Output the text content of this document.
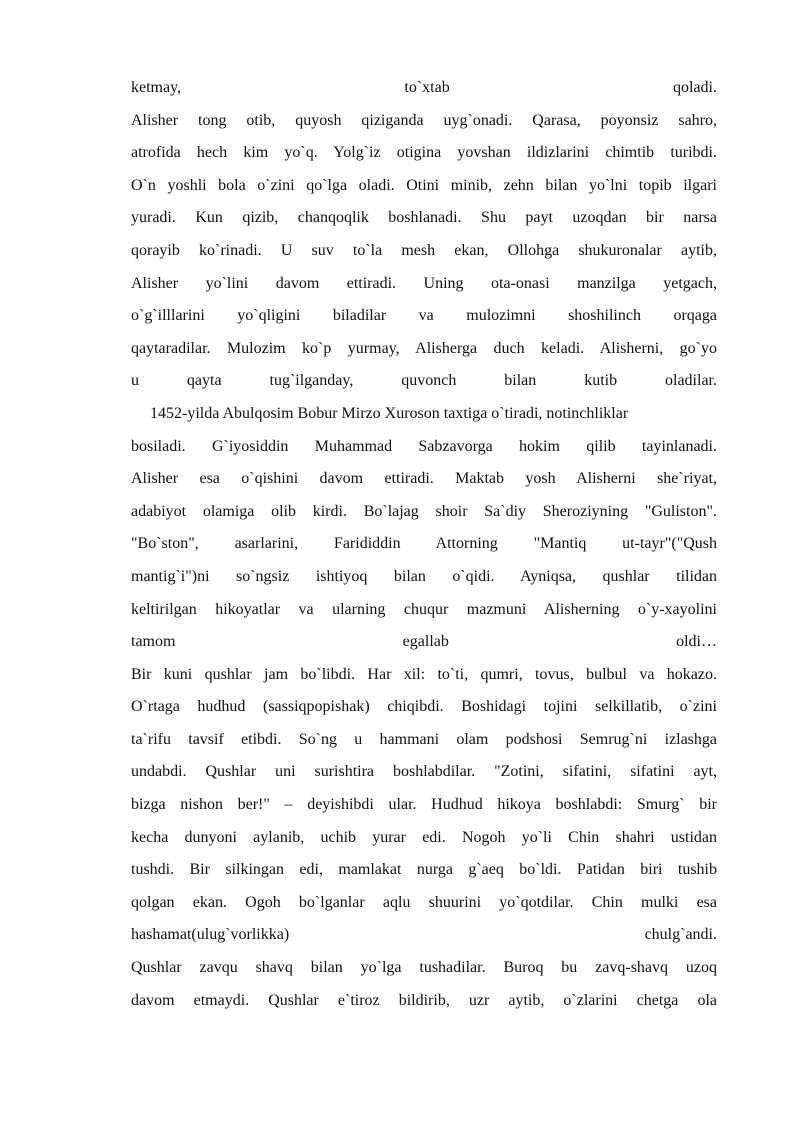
ketmay, to`xtab qoladi.
Alisher tong otib, quyosh qiziganda uyg`onadi. Qarasa, poyonsiz sahro,
atrofida hech kim yo`q. Yolg`iz otigina yovshan ildizlarini chimtib turibdi.
O`n yoshli bola o`zini qo`lga oladi. Otini minib, zehn bilan yo`lni topib ilgari
yuradi. Kun qizib, chanqoqlik boshlanadi. Shu payt uzoqdan bir narsa
qorayib ko`rinadi. U suv to`la mesh ekan, Ollohga shukuronalar aytib,
Alisher yo`lini davom ettiradi. Uning ota-onasi manzilga yetgach,
o`g`illlarini yo`qligini biladilar va mulozimni shoshilinch orqaga
qaytaradilar. Mulozim ko`p yurmay, Alisherga duch keladi. Alisherni, go`yo
u qayta tug`ilganday, quvonch bilan kutib oladilar.
1452-yilda Abulqosim Bobur Mirzo Xuroson taxtiga o`tiradi, notinchliklar
bosiladi. G`iyosiddin Muhammad Sabzavorga hokim qilib tayinlanadi.
Alisher esa o`qishini davom ettiradi. Maktab yosh Alisherni she`riyat,
adabiyot olamiga olib kirdi. Bo`lajag shoir Sa`diy Sheroziyning "Guliston".
"Bo`ston", asarlarini, Farididdin Attorning "Mantiq ut-tayr"("Qush
mantig`i")ni so`ngsiz ishtiyoq bilan o`qidi. Ayniqsa, qushlar tilidan
keltirilgan hikoyatlar va ularning chuqur mazmuni Alisherning o`y-xayolini
tamom egallab oldi…
Bir kuni qushlar jam bo`libdi. Har xil: to`ti, qumri, tovus, bulbul va hokazo.
O`rtaga hudhud (sassiqpopishak) chiqibdi. Boshidagi tojini selkillatib, o`zini
ta`rifu tavsif etibdi. So`ng u hammani olam podshosi Semrug`ni izlashga
undabdi. Qushlar uni surishtira boshlabdilar. "Zotini, sifatini, sifatini ayt,
bizga nishon ber!" – deyishibdi ular. Hudhud hikoya boshlabdi: Smurg` bir
kecha dunyoni aylanib, uchib yurar edi. Nogoh yo`li Chin shahri ustidan
tushdi. Bir silkingan edi, mamlakat nurga g`aeq bo`ldi. Patidan biri tushib
qolgan ekan. Ogoh bo`lganlar aqlu shuurini yo`qotdilar. Chin mulki esa
hashamat(ulug`vorlikka) chulg`andi.
Qushlar zavqu shavq bilan yo`lga tushadilar. Buroq bu zavq-shavq uzoq
davom etmaydi. Qushlar e`tiroz bildirib, uzr aytib, o`zlarini chetga ola
